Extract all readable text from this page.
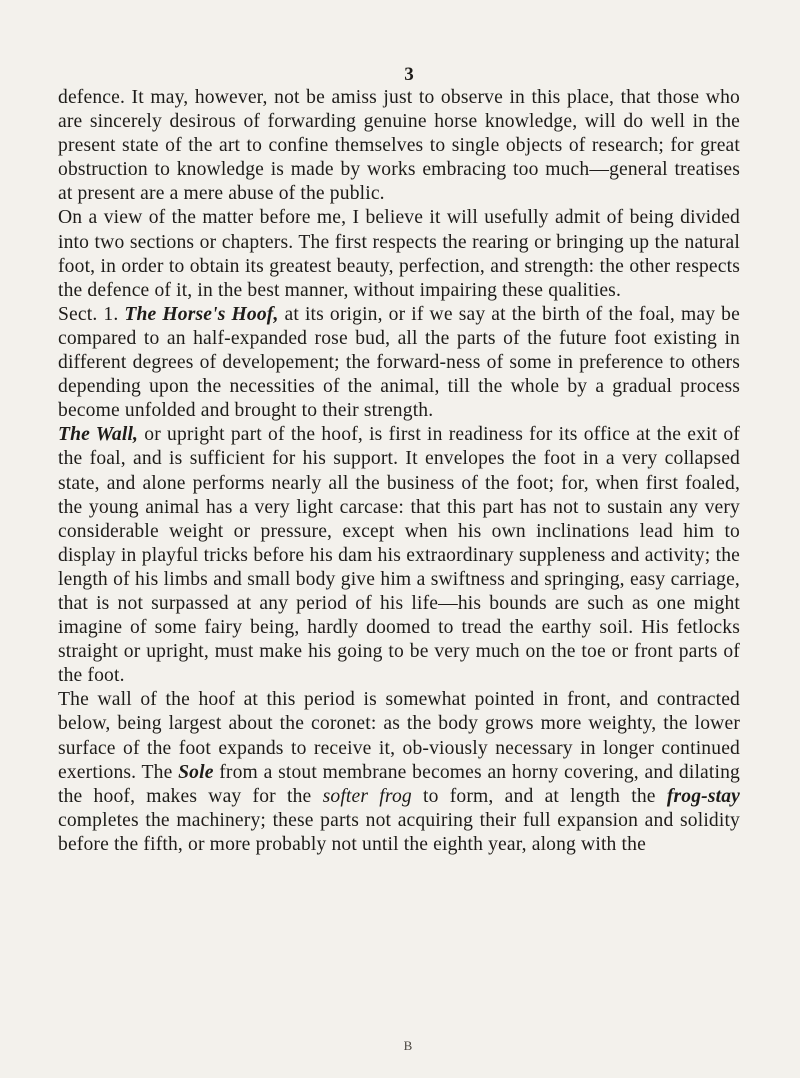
3

defence. It may, however, not be amiss just to observe in this place, that those who are sincerely desirous of forwarding genuine horse knowledge, will do well in the present state of the art to confine themselves to single objects of research; for great obstruction to knowledge is made by works embracing too much—general treatises at present are a mere abuse of the public.

On a view of the matter before me, I believe it will usefully admit of being divided into two sections or chapters. The first respects the rearing or bringing up the natural foot, in order to obtain its greatest beauty, perfection, and strength: the other respects the defence of it, in the best manner, without impairing these qualities.

Sect. 1. The Horse's Hoof, at its origin, or if we say at the birth of the foal, may be compared to an half-expanded rose bud, all the parts of the future foot existing in different degrees of developement; the forward-ness of some in preference to others depending upon the necessities of the animal, till the whole by a gradual process become unfolded and brought to their strength.

The Wall, or upright part of the hoof, is first in readiness for its office at the exit of the foal, and is sufficient for his support. It envelopes the foot in a very collapsed state, and alone performs nearly all the business of the foot; for, when first foaled, the young animal has a very light carcase: that this part has not to sustain any very considerable weight or pressure, except when his own inclinations lead him to display in playful tricks before his dam his extraordinary suppleness and activity; the length of his limbs and small body give him a swiftness and springing, easy carriage, that is not surpassed at any period of his life—his bounds are such as one might imagine of some fairy being, hardly doomed to tread the earthy soil. His fetlocks straight or upright, must make his going to be very much on the toe or front parts of the foot.

The wall of the hoof at this period is somewhat pointed in front, and contracted below, being largest about the coronet: as the body grows more weighty, the lower surface of the foot expands to receive it, ob-viously necessary in longer continued exertions. The Sole from a stout membrane becomes an horny covering, and dilating the hoof, makes way for the softer frog to form, and at length the frog-stay completes the machinery; these parts not acquiring their full expansion and solidity before the fifth, or more probably not until the eighth year, along with the

B
